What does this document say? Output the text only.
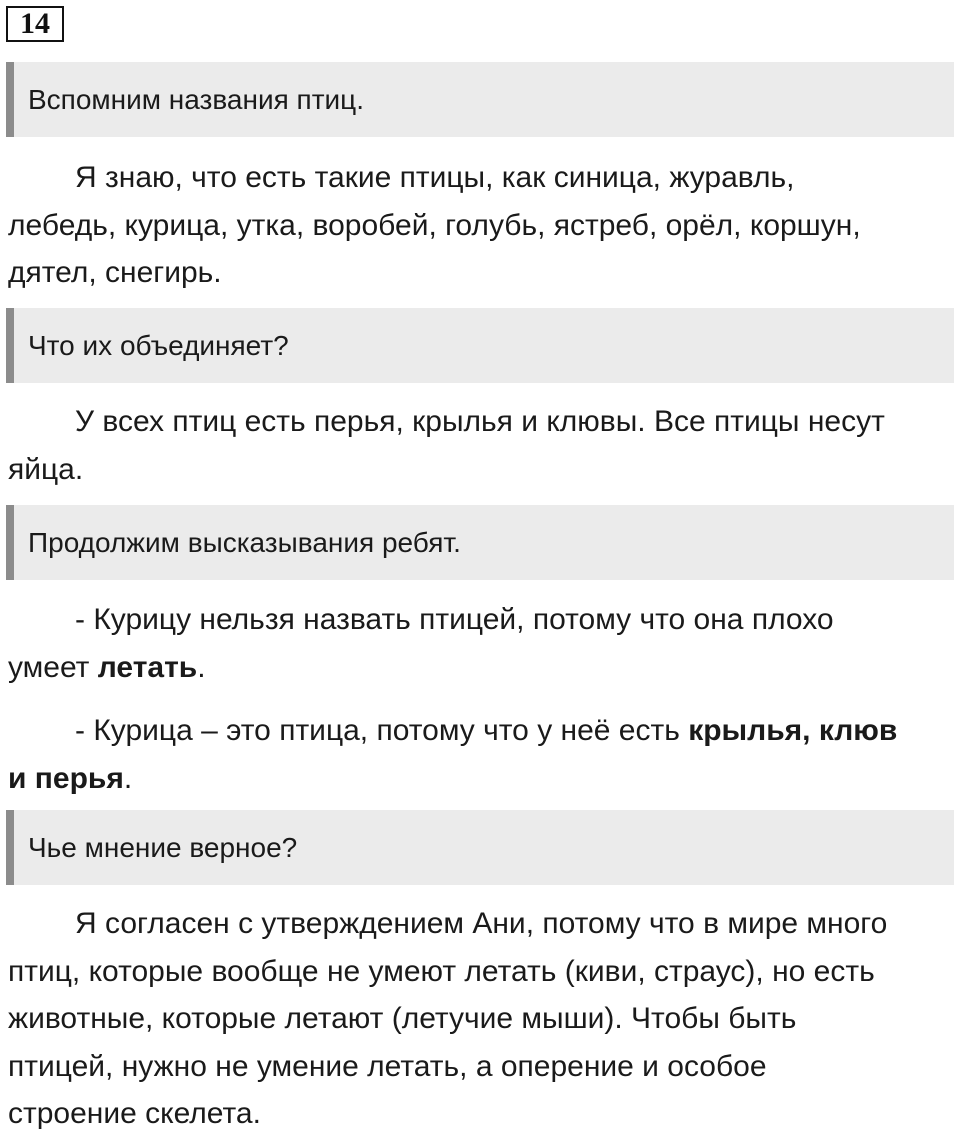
14
Вспомним названия птиц.
Я знаю, что есть такие птицы, как синица, журавль,
лебедь, курица, утка, воробей, голубь, ястреб, орёл, коршун,
дятел, снегирь.
Что их объединяет?
У всех птиц есть перья, крылья и клювы. Все птицы несут
яйца.
Продолжим высказывания ребят.
- Курицу нельзя назвать птицей, потому что она плохо
умеет летать.
- Курица – это птица, потому что у неё есть крылья, клюв
и перья.
Чье мнение верное?
Я согласен с утверждением Ани, потому что в мире много
птиц, которые вообще не умеют летать (киви, страус), но есть
животные, которые летают (летучие мыши). Чтобы быть
птицей, нужно не умение летать, а оперение и особое
строение скелета.
